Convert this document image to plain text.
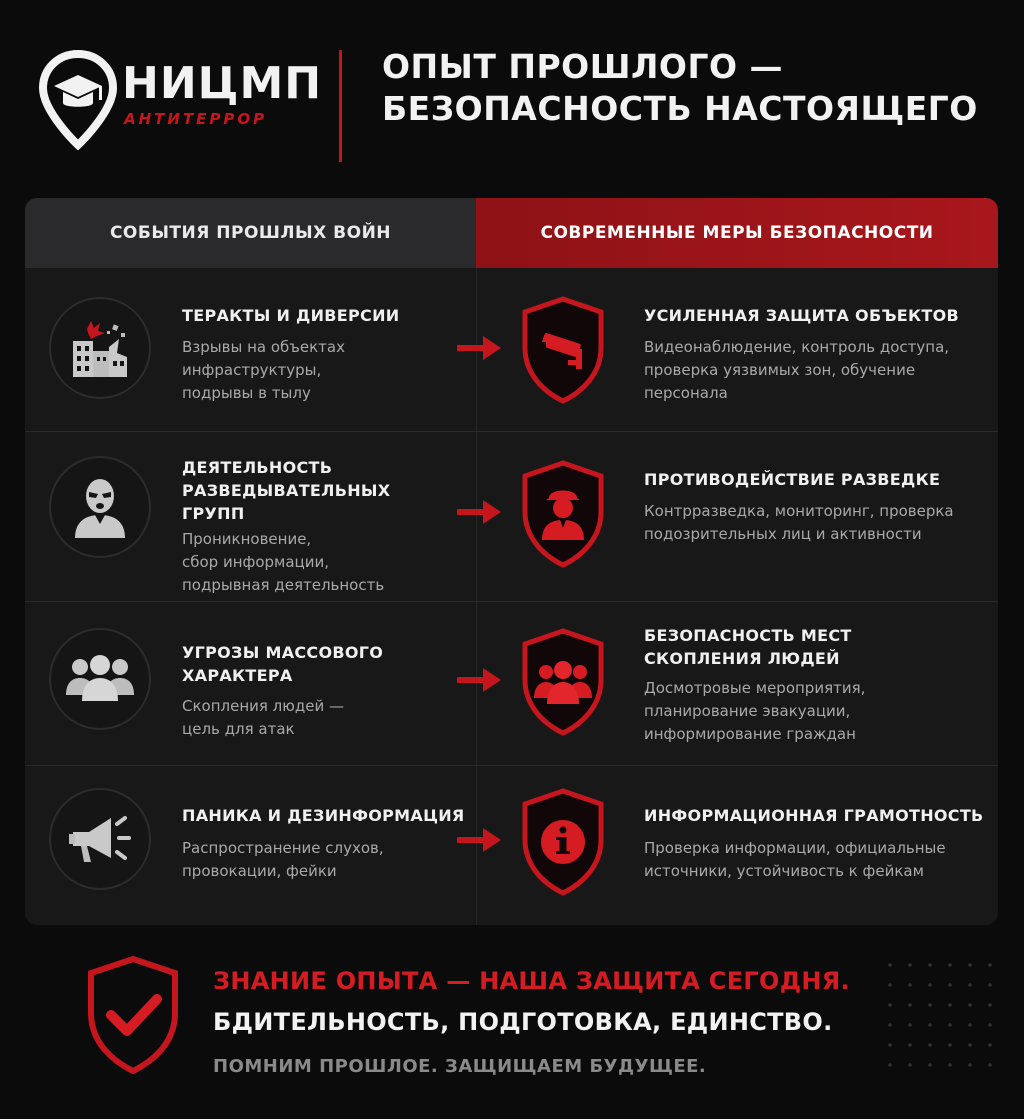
НИЦМП
АНТИТЕРРОР
ОПЫТ ПРОШЛОГО —
БЕЗОПАСНОСТЬ НАСТОЯЩЕГО
СОБЫТИЯ ПРОШЛЫХ ВОЙН	СОВРЕМЕННЫЕ МЕРЫ БЕЗОПАСНОСТИ
ТЕРАКТЫ И ДИВЕРСИИ
Взрывы на объектах
инфраструктуры,
подрывы в тылу
УСИЛЕННАЯ ЗАЩИТА ОБЪЕКТОВ
Видеонаблюдение, контроль доступа,
проверка уязвимых зон, обучение
персонала
ДЕЯТЕЛЬНОСТЬ
РАЗВЕДЫВАТЕЛЬНЫХ
ГРУПП
Проникновение,
сбор информации,
подрывная деятельность
ПРОТИВОДЕЙСТВИЕ РАЗВЕДКЕ
Контрразведка, мониторинг, проверка
подозрительных лиц и активности
УГРОЗЫ МАССОВОГО
ХАРАКТЕРА
Скопления людей —
цель для атак
БЕЗОПАСНОСТЬ МЕСТ
СКОПЛЕНИЯ ЛЮДЕЙ
Досмотровые мероприятия,
планирование эвакуации,
информирование граждан
ПАНИКА И ДЕЗИНФОРМАЦИЯ
Распространение слухов,
провокации, фейки
ИНФОРМАЦИОННАЯ ГРАМОТНОСТЬ
Проверка информации, официальные
источники, устойчивость к фейкам
ЗНАНИЕ ОПЫТА — НАША ЗАЩИТА СЕГОДНЯ.
БДИТЕЛЬНОСТЬ, ПОДГОТОВКА, ЕДИНСТВО.
ПОМНИМ ПРОШЛОЕ. ЗАЩИЩАЕМ БУДУЩЕЕ.
